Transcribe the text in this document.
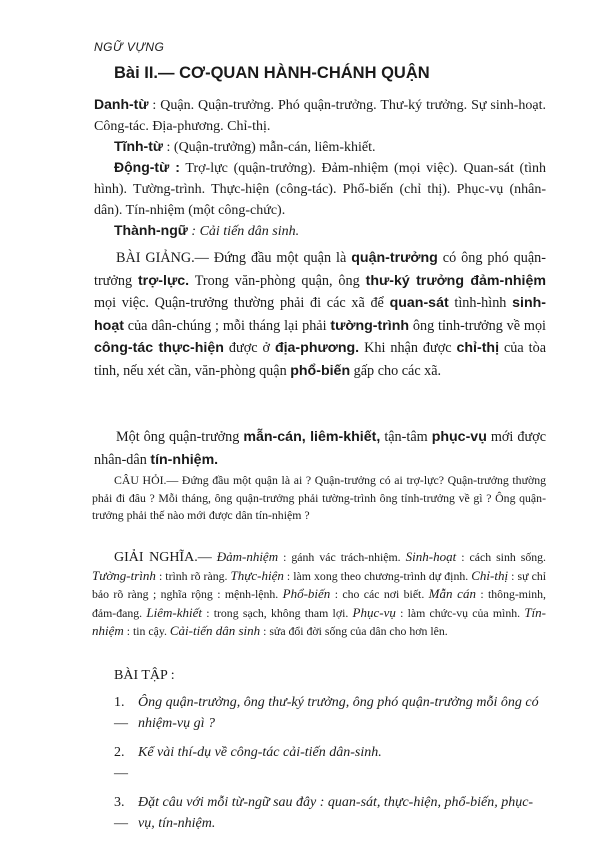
NGỮ VỰNG
Bài II.— CƠ-QUAN HÀNH-CHÁNH QUẬN
Danh-từ : Quận. Quận-trưởng. Phó quận-trưởng. Thư-ký trưởng. Sự sinh-hoạt. Công-tác. Địa-phương. Chỉ-thị.
Tĩnh-từ : (Quận-trưởng) mẫn-cán, liêm-khiết.
Động-từ : Trợ-lực (quận-trưởng). Đảm-nhiệm (mọi việc). Quan-sát (tình hình). Tường-trình. Thực-hiện (công-tác). Phổ-biến (chỉ thị). Phục-vụ (nhân-dân). Tín-nhiệm (một công-chức).
Thành-ngữ : Cải tiến dân sinh.
BÀI GIẢNG.— Đứng đầu một quận là quận-trưởng có ông phó quận-trưởng trợ-lực. Trong văn-phòng quận, ông thư-ký trưởng đảm-nhiệm mọi việc. Quận-trưởng thường phải đi các xã để quan-sát tình-hình sinh-hoạt của dân-chúng ; mỗi tháng lại phải tường-trình ông tỉnh-trưởng về mọi công-tác thực-hiện được ở địa-phương. Khi nhận được chỉ-thị của tòa tỉnh, nếu xét cần, văn-phòng quận phổ-biến gấp cho các xã.
Một ông quận-trưởng mẫn-cán, liêm-khiết, tận-tâm phục-vụ mới được nhân-dân tín-nhiệm.
CÂU HỎI.— Đứng đầu một quận là ai ? Quận-trưởng có ai trợ-lực? Quận-trưởng thường phải đi đâu ? Mỗi tháng, ông quận-trưởng phải tường-trình ông tỉnh-trưởng về gì ? Ông quận-trưởng phải thế nào mới được dân tín-nhiệm ?
GIẢI NGHĨA.— Đảm-nhiệm : gánh vác trách-nhiệm. Sinh-hoạt : cách sinh sống. Tường-trình : trình rõ ràng. Thực-hiện : làm xong theo chương-trình dự định. Chỉ-thị : sự chỉ bảo rõ ràng ; nghĩa rộng : mệnh-lệnh. Phổ-biến : cho các nơi biết. Mẫn cán : thông-minh, đảm-đang. Liêm-khiết : trong sạch, không tham lợi. Phục-vụ : làm chức-vụ của mình. Tín-nhiệm : tin cậy. Cải-tiến dân sinh : sửa đổi đời sống của dân cho hơn lên.
BÀI TẬP :
1.—
Ông quận-trưởng, ông thư-ký trưởng, ông phó quận-trưởng mỗi ông có nhiệm-vụ gì ?
2.—
Kể vài thí-dụ về công-tác cải-tiến dân-sinh.
3.—
Đặt câu với mỗi từ-ngữ sau đây : quan-sát, thực-hiện, phổ-biến, phục-vụ, tín-nhiệm.
